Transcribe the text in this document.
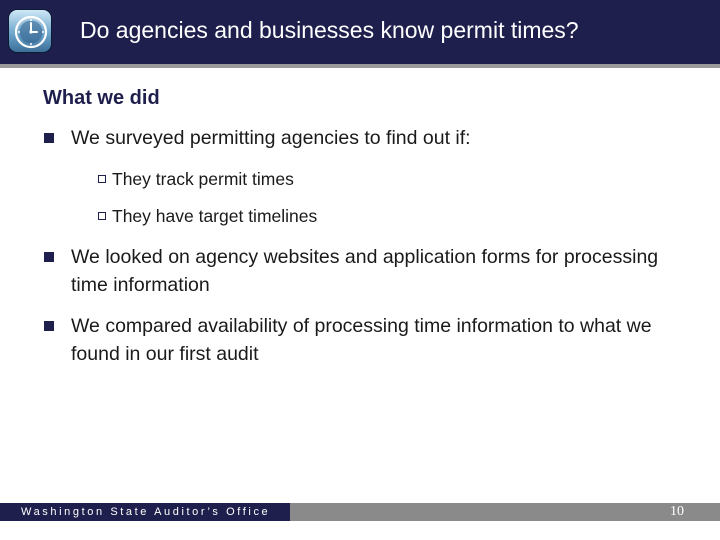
Do agencies and businesses know permit times?
What we did
We surveyed permitting agencies to find out if:
They track permit times
They have target timelines
We looked on agency websites and application forms for processing time information
We compared availability of processing time information to what we found in our first audit
Washington State Auditor’s Office	10
